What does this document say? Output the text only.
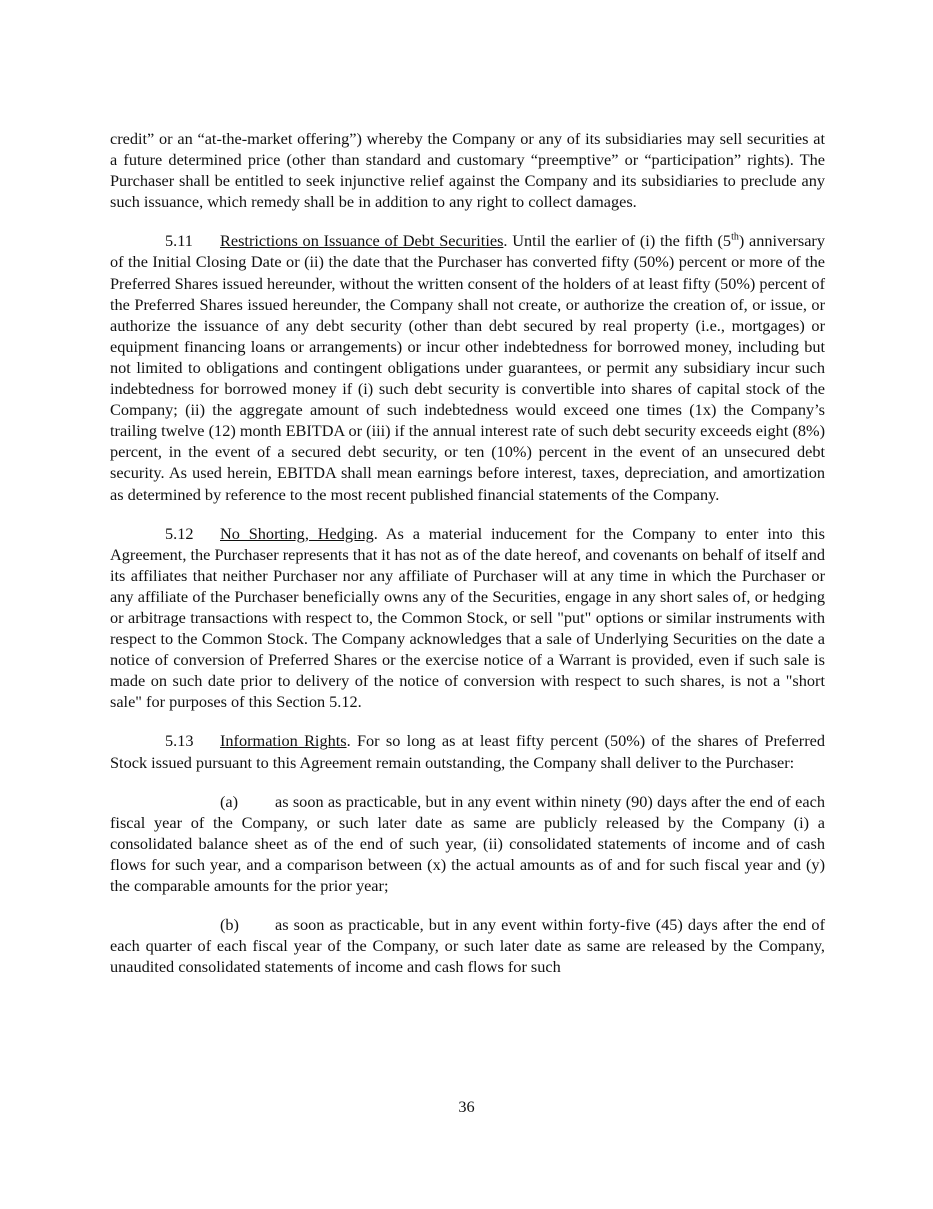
credit” or an “at-the-market offering”) whereby the Company or any of its subsidiaries may sell securities at a future determined price (other than standard and customary “preemptive” or “participation” rights). The Purchaser shall be entitled to seek injunctive relief against the Company and its subsidiaries to preclude any such issuance, which remedy shall be in addition to any right to collect damages.

5.11 Restrictions on Issuance of Debt Securities. Until the earlier of (i) the fifth (5th) anniversary of the Initial Closing Date or (ii) the date that the Purchaser has converted fifty (50%) percent or more of the Preferred Shares issued hereunder, without the written consent of the holders of at least fifty (50%) percent of the Preferred Shares issued hereunder, the Company shall not create, or authorize the creation of, or issue, or authorize the issuance of any debt security (other than debt secured by real property (i.e., mortgages) or equipment financing loans or arrangements) or incur other indebtedness for borrowed money, including but not limited to obligations and contingent obligations under guarantees, or permit any subsidiary incur such indebtedness for borrowed money if (i) such debt security is convertible into shares of capital stock of the Company; (ii) the aggregate amount of such indebtedness would exceed one times (1x) the Company’s trailing twelve (12) month EBITDA or (iii) if the annual interest rate of such debt security exceeds eight (8%) percent, in the event of a secured debt security, or ten (10%) percent in the event of an unsecured debt security. As used herein, EBITDA shall mean earnings before interest, taxes, depreciation, and amortization as determined by reference to the most recent published financial statements of the Company.

5.12 No Shorting, Hedging. As a material inducement for the Company to enter into this Agreement, the Purchaser represents that it has not as of the date hereof, and covenants on behalf of itself and its affiliates that neither Purchaser nor any affiliate of Purchaser will at any time in which the Purchaser or any affiliate of the Purchaser beneficially owns any of the Securities, engage in any short sales of, or hedging or arbitrage transactions with respect to, the Common Stock, or sell "put" options or similar instruments with respect to the Common Stock. The Company acknowledges that a sale of Underlying Securities on the date a notice of conversion of Preferred Shares or the exercise notice of a Warrant is provided, even if such sale is made on such date prior to delivery of the notice of conversion with respect to such shares, is not a "short sale" for purposes of this Section 5.12.

5.13 Information Rights. For so long as at least fifty percent (50%) of the shares of Preferred Stock issued pursuant to this Agreement remain outstanding, the Company shall deliver to the Purchaser:

(a) as soon as practicable, but in any event within ninety (90) days after the end of each fiscal year of the Company, or such later date as same are publicly released by the Company (i) a consolidated balance sheet as of the end of such year, (ii) consolidated statements of income and of cash flows for such year, and a comparison between (x) the actual amounts as of and for such fiscal year and (y) the comparable amounts for the prior year;

(b) as soon as practicable, but in any event within forty-five (45) days after the end of each quarter of each fiscal year of the Company, or such later date as same are released by the Company, unaudited consolidated statements of income and cash flows for such

36
